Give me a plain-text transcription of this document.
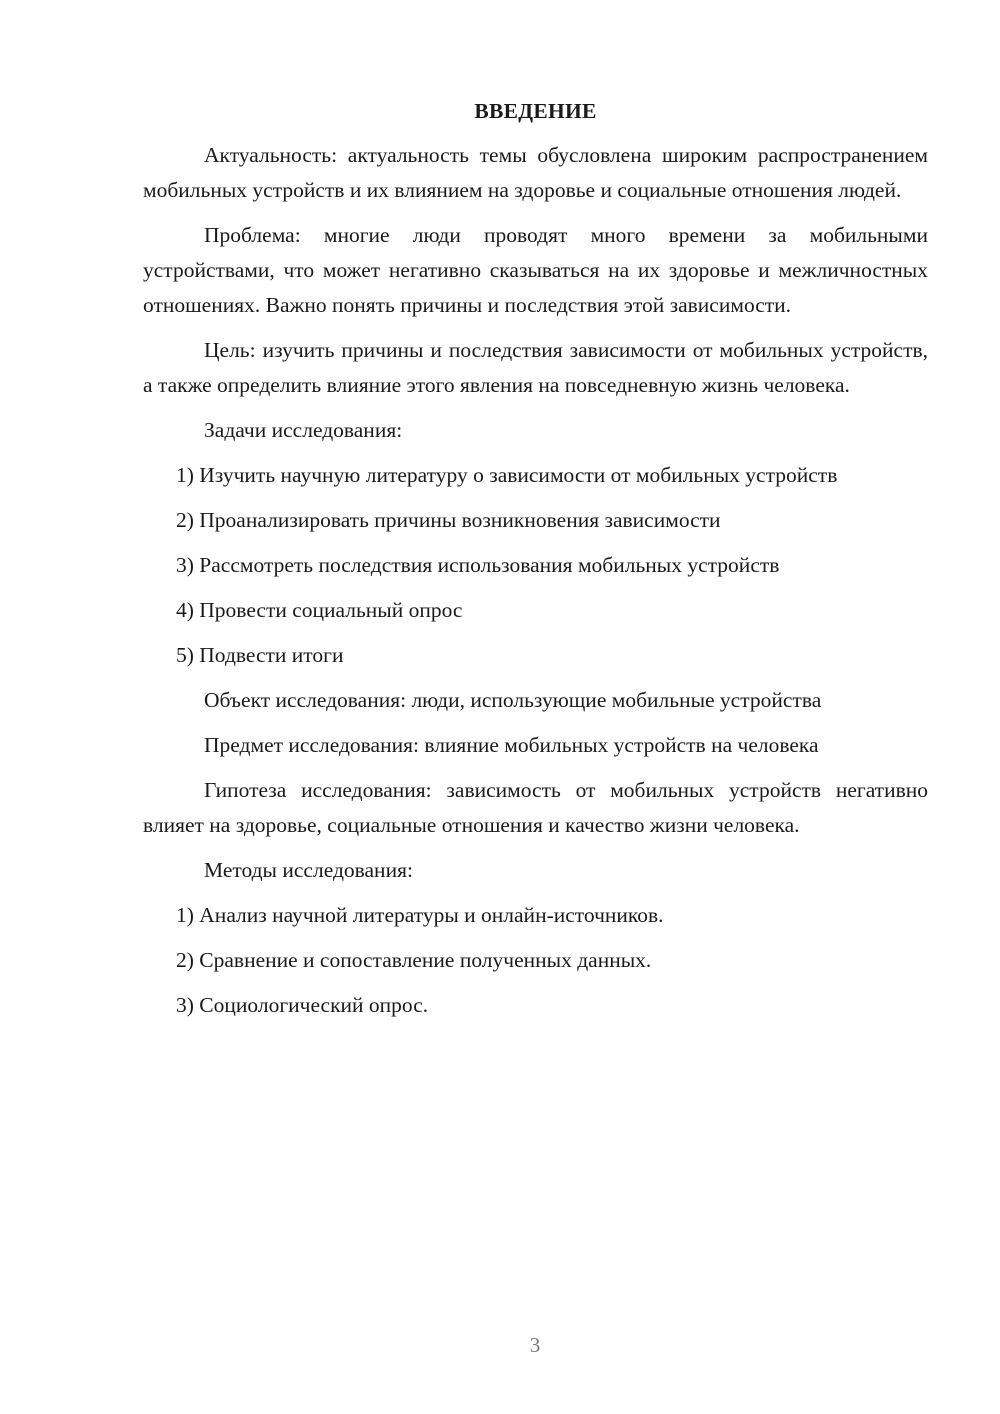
ВВЕДЕНИЕ

Актуальность: актуальность темы обусловлена широким распространением мобильных устройств и их влиянием на здоровье и социальные отношения людей.

Проблема: многие люди проводят много времени за мобильными устройствами, что может негативно сказываться на их здоровье и межличностных отношениях. Важно понять причины и последствия этой зависимости.

Цель: изучить причины и последствия зависимости от мобильных устройств, а также определить влияние этого явления на повседневную жизнь человека.

Задачи исследования:

1) Изучить научную литературу о зависимости от мобильных устройств

2) Проанализировать причины возникновения зависимости

3) Рассмотреть последствия использования мобильных устройств

4) Провести социальный опрос

5) Подвести итоги

Объект исследования: люди, использующие мобильные устройства

Предмет исследования: влияние мобильных устройств на человека

Гипотеза исследования: зависимость от мобильных устройств негативно влияет на здоровье, социальные отношения и качество жизни человека.

Методы исследования:

1) Анализ научной литературы и онлайн-источников.

2) Сравнение и сопоставление полученных данных.

3) Социологический опрос.

3
